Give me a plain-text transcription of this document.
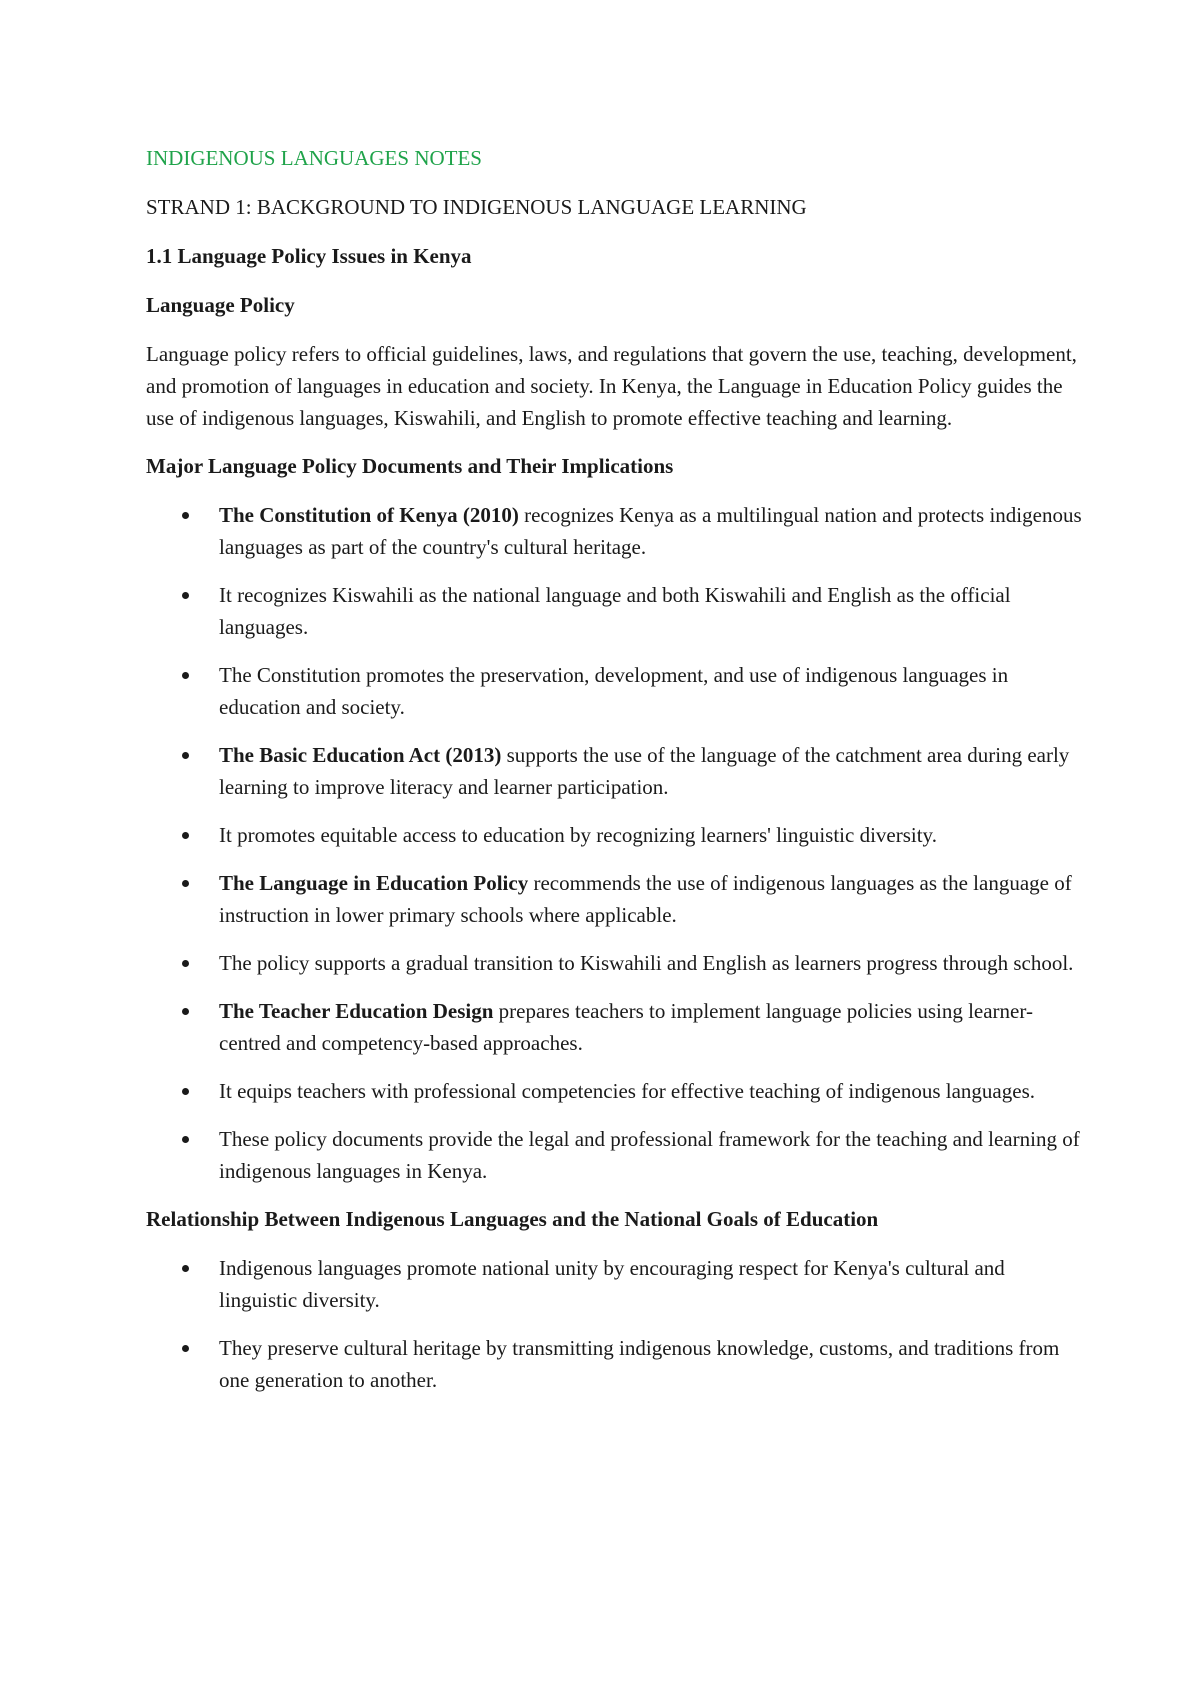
INDIGENOUS LANGUAGES NOTES
STRAND 1: BACKGROUND TO INDIGENOUS LANGUAGE LEARNING
1.1 Language Policy Issues in Kenya
Language Policy

Language policy refers to official guidelines, laws, and regulations that govern the use, teaching, development, and promotion of languages in education and society. In Kenya, the Language in Education Policy guides the use of indigenous languages, Kiswahili, and English to promote effective teaching and learning.

Major Language Policy Documents and Their Implications
The Constitution of Kenya (2010) recognizes Kenya as a multilingual nation and protects indigenous languages as part of the country's cultural heritage.
It recognizes Kiswahili as the national language and both Kiswahili and English as the official languages.
The Constitution promotes the preservation, development, and use of indigenous languages in education and society.
The Basic Education Act (2013) supports the use of the language of the catchment area during early learning to improve literacy and learner participation.
It promotes equitable access to education by recognizing learners' linguistic diversity.
The Language in Education Policy recommends the use of indigenous languages as the language of instruction in lower primary schools where applicable.
The policy supports a gradual transition to Kiswahili and English as learners progress through school.
The Teacher Education Design prepares teachers to implement language policies using learner-centred and competency-based approaches.
It equips teachers with professional competencies for effective teaching of indigenous languages.
These policy documents provide the legal and professional framework for the teaching and learning of indigenous languages in Kenya.
Relationship Between Indigenous Languages and the National Goals of Education
Indigenous languages promote national unity by encouraging respect for Kenya's cultural and linguistic diversity.
They preserve cultural heritage by transmitting indigenous knowledge, customs, and traditions from one generation to another.
